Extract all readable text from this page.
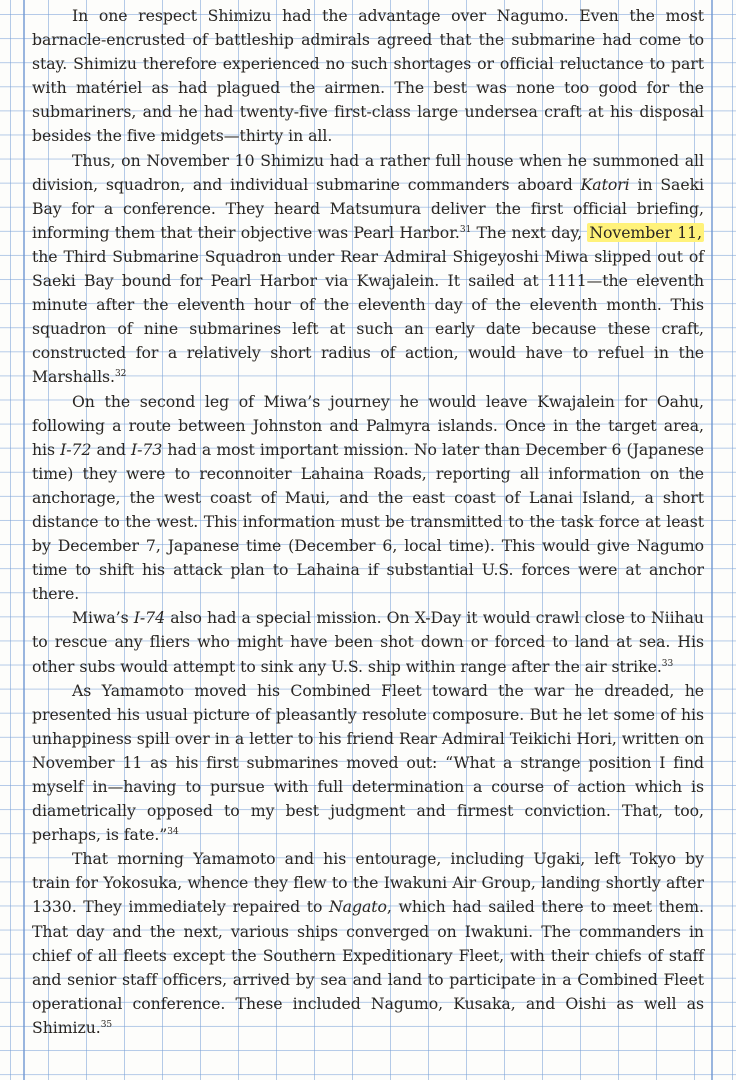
In one respect Shimizu had the advantage over Nagumo. Even the most barnacle-encrusted of battleship admirals agreed that the submarine had come to stay. Shimizu therefore experienced no such shortages or official reluctance to part with matériel as had plagued the airmen. The best was none too good for the submariners, and he had twenty-five first-class large undersea craft at his disposal besides the five midgets—thirty in all.

Thus, on November 10 Shimizu had a rather full house when he summoned all division, squadron, and individual submarine commanders aboard Katori in Saeki Bay for a conference. They heard Matsumura deliver the first official briefing, informing them that their objective was Pearl Harbor.$^{31}$ The next day, November 11, the Third Submarine Squadron under Rear Admiral Shigeyoshi Miwa slipped out of Saeki Bay bound for Pearl Harbor via Kwajalein. It sailed at 1111—the eleventh minute after the eleventh hour of the eleventh day of the eleventh month. This squadron of nine submarines left at such an early date because these craft, constructed for a relatively short radius of action, would have to refuel in the Marshalls.$^{32}$

On the second leg of Miwa’s journey he would leave Kwajalein for Oahu, following a route between Johnston and Palmyra islands. Once in the target area, his I-72 and I-73 had a most important mission. No later than December 6 (Japanese time) they were to reconnoiter Lahaina Roads, reporting all information on the anchorage, the west coast of Maui, and the east coast of Lanai Island, a short distance to the west. This information must be transmitted to the task force at least by December 7, Japanese time (December 6, local time). This would give Nagumo time to shift his attack plan to Lahaina if substantial U.S. forces were at anchor there.

Miwa’s I-74 also had a special mission. On X-Day it would crawl close to Niihau to rescue any fliers who might have been shot down or forced to land at sea. His other subs would attempt to sink any U.S. ship within range after the air strike.$^{33}$

As Yamamoto moved his Combined Fleet toward the war he dreaded, he presented his usual picture of pleasantly resolute composure. But he let some of his unhappiness spill over in a letter to his friend Rear Admiral Teikichi Hori, written on November 11 as his first submarines moved out: “What a strange position I find myself in—having to pursue with full determination a course of action which is diametrically opposed to my best judgment and firmest conviction. That, too, perhaps, is fate.”$^{34}$

That morning Yamamoto and his entourage, including Ugaki, left Tokyo by train for Yokosuka, whence they flew to the Iwakuni Air Group, landing shortly after 1330. They immediately repaired to Nagato, which had sailed there to meet them. That day and the next, various ships converged on Iwakuni. The commanders in chief of all fleets except the Southern Expeditionary Fleet, with their chiefs of staff and senior staff officers, arrived by sea and land to participate in a Combined Fleet operational conference. These included Nagumo, Kusaka, and Oishi as well as Shimizu.$^{35}$
